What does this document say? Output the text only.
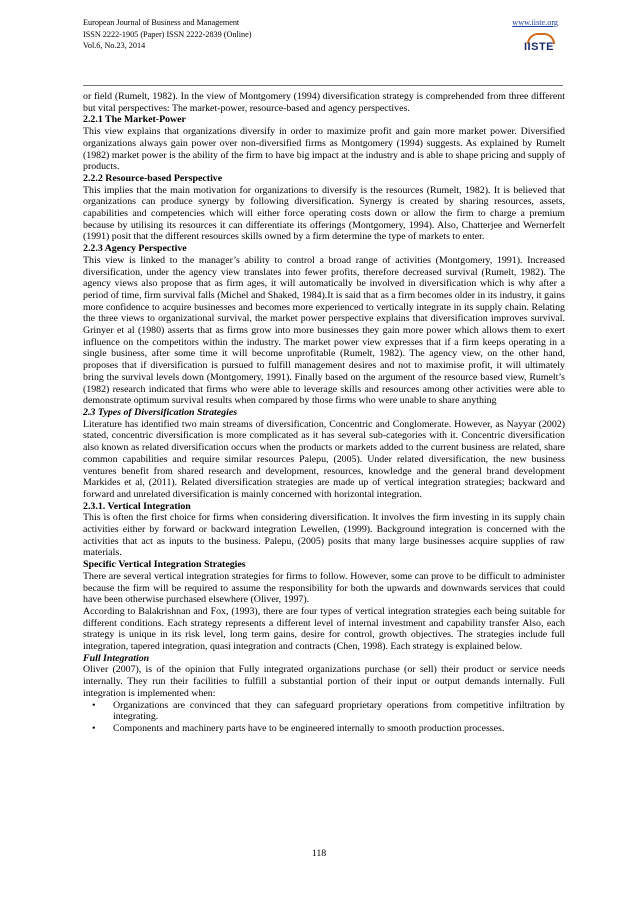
European Journal of Business and Management
ISSN 2222-1905 (Paper) ISSN 2222-2839 (Online)
Vol.6, No.23, 2014
www.iiste.org
IISTE

or field (Rumelt, 1982). In the view of Montgomery (1994) diversification strategy is comprehended from three different but vital perspectives: The market-power, resource-based and agency perspectives.

2.2.1 The Market-Power

This view explains that organizations diversify in order to maximize profit and gain more market power. Diversified organizations always gain power over non-diversified firms as Montgomery (1994) suggests. As explained by Rumelt (1982) market power is the ability of the firm to have big impact at the industry and is able to shape pricing and supply of products.

2.2.2 Resource-based Perspective

This implies that the main motivation for organizations to diversify is the resources (Rumelt, 1982). It is believed that organizations can produce synergy by following diversification. Synergy is created by sharing resources, assets, capabilities and competencies which will either force operating costs down or allow the firm to charge a premium because by utilising its resources it can differentiate its offerings (Montgomery, 1994). Also, Chatterjee and Wernerfelt (1991) posit that the different resources skills owned by a firm determine the type of markets to enter.

2.2.3 Agency Perspective

This view is linked to the manager’s ability to control a broad range of activities (Montgomery, 1991). Increased diversification, under the agency view translates into fewer profits, therefore decreased survival (Rumelt, 1982). The agency views also propose that as firm ages, it will automatically be involved in diversification which is why after a period of time, firm survival falls (Michel and Shaked, 1984).It is said that as a firm becomes older in its industry, it gains more confidence to acquire businesses and becomes more experienced to vertically integrate in its supply chain. Relating the three views to organizational survival, the market power perspective explains that diversification improves survival. Grinyer et al (1980) asserts that as firms grow into more businesses they gain more power which allows them to exert influence on the competitors within the industry. The market power view expresses that if a firm keeps operating in a single business, after some time it will become unprofitable (Rumelt, 1982). The agency view, on the other hand, proposes that if diversification is pursued to fulfill management desires and not to maximise profit, it will ultimately bring the survival levels down (Montgomery, 1991). Finally based on the argument of the resource based view, Rumelt’s (1982) research indicated that firms who were able to leverage skills and resources among other activities were able to demonstrate optimum survival results when compared by those firms who were unable to share anything

2.3 Types of Diversification Strategies

Literature has identified two main streams of diversification, Concentric and Conglomerate. However, as Nayyar (2002) stated, concentric diversification is more complicated as it has several sub-categories with it. Concentric diversification also known as related diversification occurs when the products or markets added to the current business are related, share common capabilities and require similar resources Palepu, (2005). Under related diversification, the new business ventures benefit from shared research and development, resources, knowledge and the general brand development Markides et al, (2011). Related diversification strategies are made up of vertical integration strategies; backward and forward and unrelated diversification is mainly concerned with horizontal integration.

2.3.1. Vertical Integration

This is often the first choice for firms when considering diversification. It involves the firm investing in its supply chain activities either by forward or backward integration Lewellen, (1999). Background integration is concerned with the activities that act as inputs to the business. Palepu, (2005) posits that many large businesses acquire supplies of raw materials.

Specific Vertical Integration Strategies

There are several vertical integration strategies for firms to follow. However, some can prove to be difficult to administer because the firm will be required to assume the responsibility for both the upwards and downwards services that could have been otherwise purchased elsewhere (Oliver, 1997).

According to Balakrishnan and Fox, (1993), there are four types of vertical integration strategies each being suitable for different conditions. Each strategy represents a different level of internal investment and capability transfer Also, each strategy is unique in its risk level, long term gains, desire for control, growth objectives. The strategies include full integration, tapered integration, quasi integration and contracts (Chen, 1998). Each strategy is explained below.

Full Integration

Oliver (2007), is of the opinion that Fully integrated organizations purchase (or sell) their product or service needs internally. They run their facilities to fulfill a substantial portion of their input or output demands internally. Full integration is implemented when:

• Organizations are convinced that they can safeguard proprietary operations from competitive infiltration by integrating.
• Components and machinery parts have to be engineered internally to smooth production processes.
118
